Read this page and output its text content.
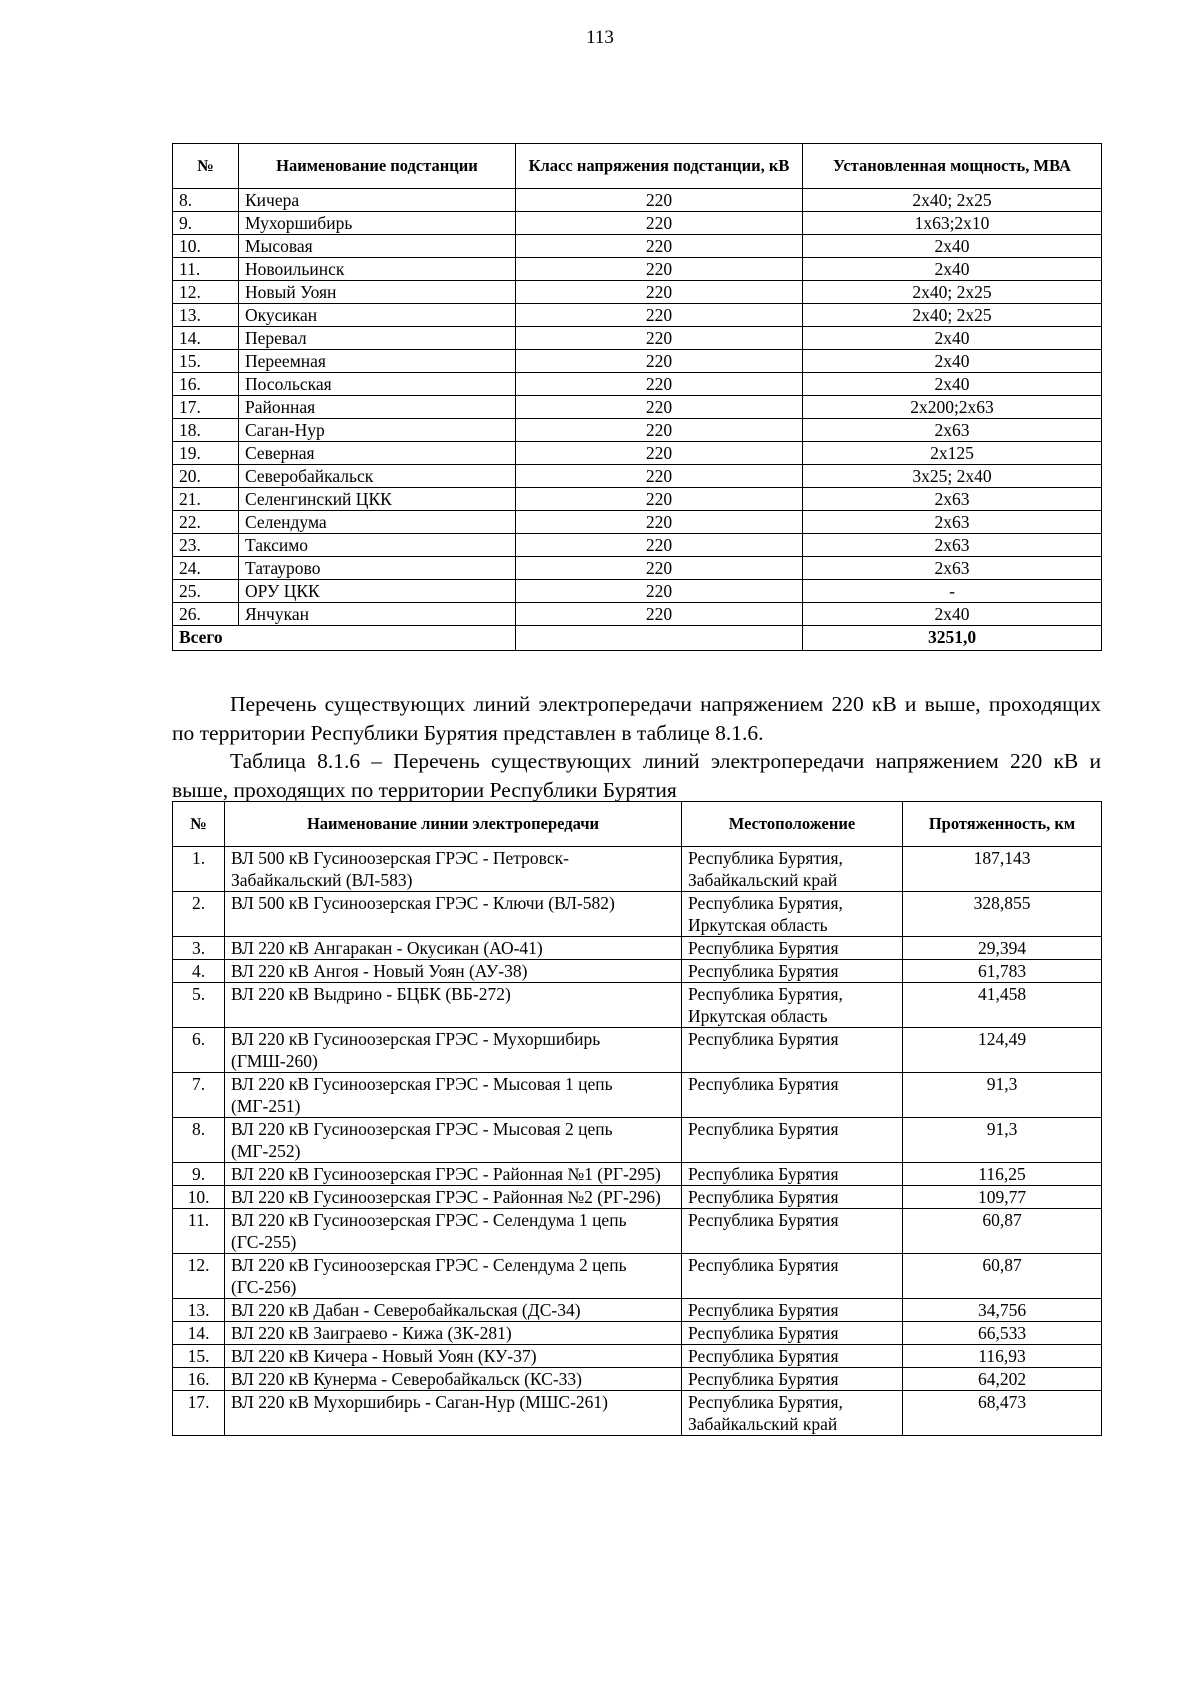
113
№	Наименование подстанции	Класс напряжения подстанции, кВ	Установленная мощность, МВА
8.	Кичера	220	2х40; 2х25
9.	Мухоршибирь	220	1х63;2х10
10.	Мысовая	220	2х40
11.	Новоильинск	220	2х40
12.	Новый Уоян	220	2х40; 2х25
13.	Окусикан	220	2х40; 2х25
14.	Перевал	220	2х40
15.	Переемная	220	2х40
16.	Посольская	220	2х40
17.	Районная	220	2х200;2х63
18.	Саган-Нур	220	2х63
19.	Северная	220	2х125
20.	Северобайкальск	220	3х25; 2х40
21.	Селенгинский ЦКК	220	2х63
22.	Селендума	220	2х63
23.	Таксимо	220	2х63
24.	Татаурово	220	2х63
25.	ОРУ ЦКК	220	-
26.	Янчукан	220	2х40
Всего			3251,0

Перечень существующих линий электропередачи напряжением 220 кВ и выше, проходящих по территории Республики Бурятия представлен в таблице 8.1.6.

Таблица 8.1.6 – Перечень существующих линий электропередачи напряжением 220 кВ и выше, проходящих по территории Республики Бурятия

№	Наименование линии электропередачи	Местоположение	Протяженность, км
1.	ВЛ 500 кВ Гусиноозерская ГРЭС - Петровск-Забайкальский (ВЛ-583)	Республика Бурятия, Забайкальский край	187,143
2.	ВЛ 500 кВ Гусиноозерская ГРЭС - Ключи (ВЛ-582)	Республика Бурятия, Иркутская область	328,855
3.	ВЛ 220 кВ Ангаракан - Окусикан (АО-41)	Республика Бурятия	29,394
4.	ВЛ 220 кВ Ангоя - Новый Уоян (АУ-38)	Республика Бурятия	61,783
5.	ВЛ 220 кВ Выдрино - БЦБК (ВБ-272)	Республика Бурятия, Иркутская область	41,458
6.	ВЛ 220 кВ Гусиноозерская ГРЭС - Мухоршибирь (ГМШ-260)	Республика Бурятия	124,49
7.	ВЛ 220 кВ Гусиноозерская ГРЭС - Мысовая 1 цепь (МГ-251)	Республика Бурятия	91,3
8.	ВЛ 220 кВ Гусиноозерская ГРЭС - Мысовая 2 цепь (МГ-252)	Республика Бурятия	91,3
9.	ВЛ 220 кВ Гусиноозерская ГРЭС - Районная №1 (РГ-295)	Республика Бурятия	116,25
10.	ВЛ 220 кВ Гусиноозерская ГРЭС - Районная №2 (РГ-296)	Республика Бурятия	109,77
11.	ВЛ 220 кВ Гусиноозерская ГРЭС - Селендума 1 цепь (ГС-255)	Республика Бурятия	60,87
12.	ВЛ 220 кВ Гусиноозерская ГРЭС - Селендума 2 цепь (ГС-256)	Республика Бурятия	60,87
13.	ВЛ 220 кВ Дабан - Северобайкальская (ДС-34)	Республика Бурятия	34,756
14.	ВЛ 220 кВ Заиграево - Кижа (ЗК-281)	Республика Бурятия	66,533
15.	ВЛ 220 кВ Кичера - Новый Уоян (КУ-37)	Республика Бурятия	116,93
16.	ВЛ 220 кВ Кунерма - Северобайкальск (КС-33)	Республика Бурятия	64,202
17.	ВЛ 220 кВ Мухоршибирь - Саган-Нур (МШС-261)	Республика Бурятия, Забайкальский край	68,473
